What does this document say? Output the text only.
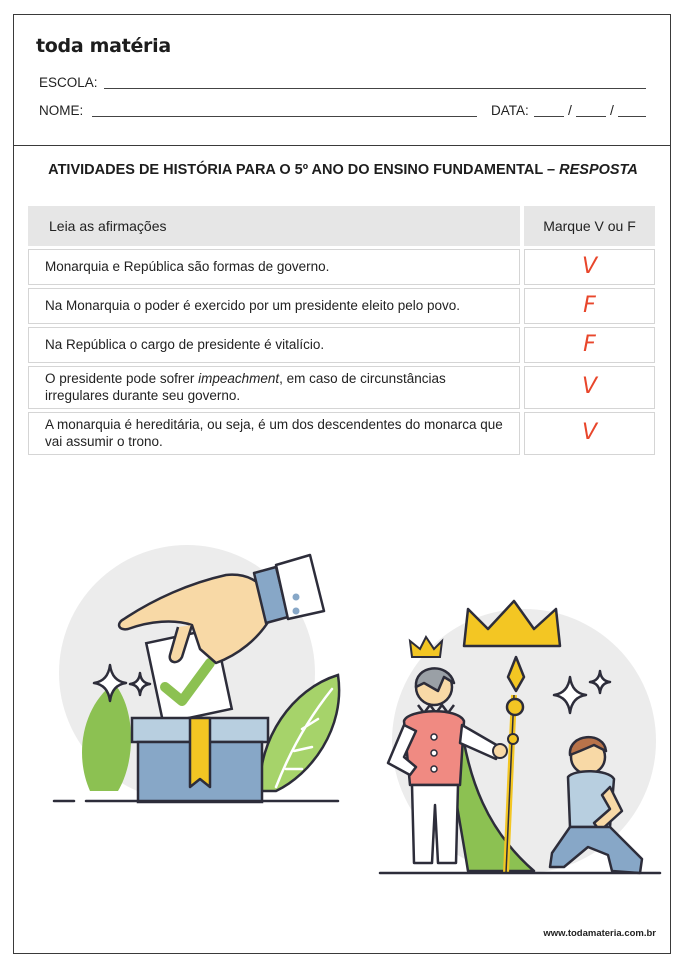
toda matéria
ESCOLA:
NOME:	DATA:	/	/
ATIVIDADES DE HISTÓRIA PARA O 5º ANO DO ENSINO FUNDAMENTAL – RESPOSTA
Leia as afirmações	Marque V ou F
Monarquia e República são formas de governo.	V
Na Monarquia o poder é exercido por um presidente eleito pelo povo.	F
Na República o cargo de presidente é vitalício.	F
O presidente pode sofrer impeachment, em caso de circunstâncias irregulares durante seu governo.	V
A monarquia é hereditária, ou seja, é um dos descendentes do monarca que vai assumir o trono.	V
www.todamateria.com.br
